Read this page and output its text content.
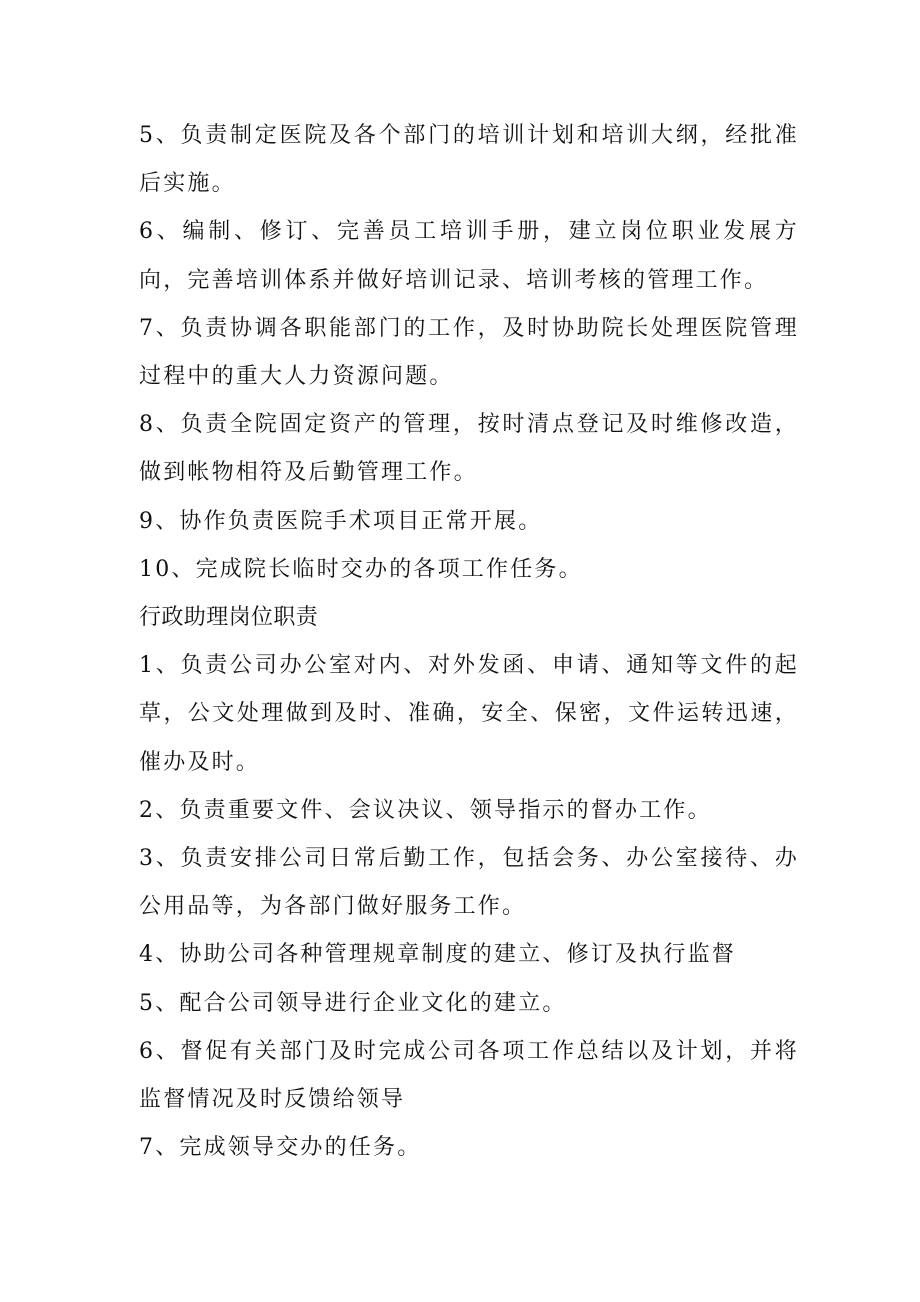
5、负责制定医院及各个部门的培训计划和培训大纲，经批准后实施。

6、编制、修订、完善员工培训手册，建立岗位职业发展方向，完善培训体系并做好培训记录、培训考核的管理工作。

7、负责协调各职能部门的工作，及时协助院长处理医院管理过程中的重大人力资源问题。

8、负责全院固定资产的管理，按时清点登记及时维修改造，做到帐物相符及后勤管理工作。

9、协作负责医院手术项目正常开展。

10、完成院长临时交办的各项工作任务。

行政助理岗位职责

1、负责公司办公室对内、对外发函、申请、通知等文件的起草，公文处理做到及时、准确，安全、保密，文件运转迅速，催办及时。

2、负责重要文件、会议决议、领导指示的督办工作。

3、负责安排公司日常后勤工作，包括会务、办公室接待、办公用品等，为各部门做好服务工作。

4、协助公司各种管理规章制度的建立、修订及执行监督

5、配合公司领导进行企业文化的建立。

6、督促有关部门及时完成公司各项工作总结以及计划，并将监督情况及时反馈给领导

7、完成领导交办的任务。
